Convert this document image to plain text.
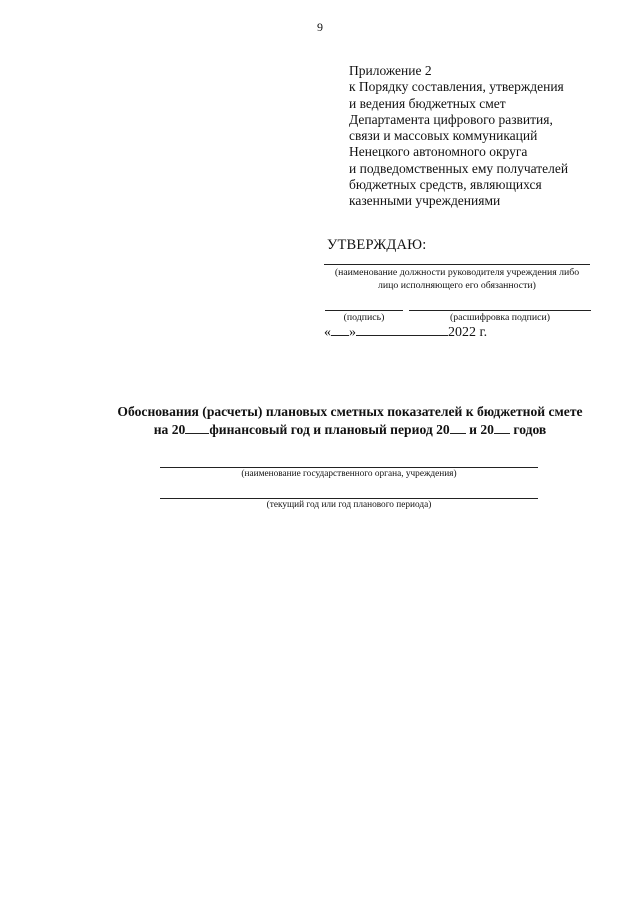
9
Приложение 2
к Порядку составления, утверждения
и ведения бюджетных смет
Департамента цифрового развития,
связи и массовых коммуникаций
Ненецкого автономного округа
и подведомственных ему получателей
бюджетных средств, являющихся
казенными учреждениями
УТВЕРЖДАЮ:
(наименование должности руководителя учреждения либо
лицо исполняющего его обязанности)
(подпись)	(расшифровка подписи)
« »	2022 г.
Обоснования (расчеты) плановых сметных показателей к бюджетной смете
на 20 финансовый год и плановый период 20 и 20 годов
(наименование государственного органа, учреждения)
(текущий год или год планового периода)
